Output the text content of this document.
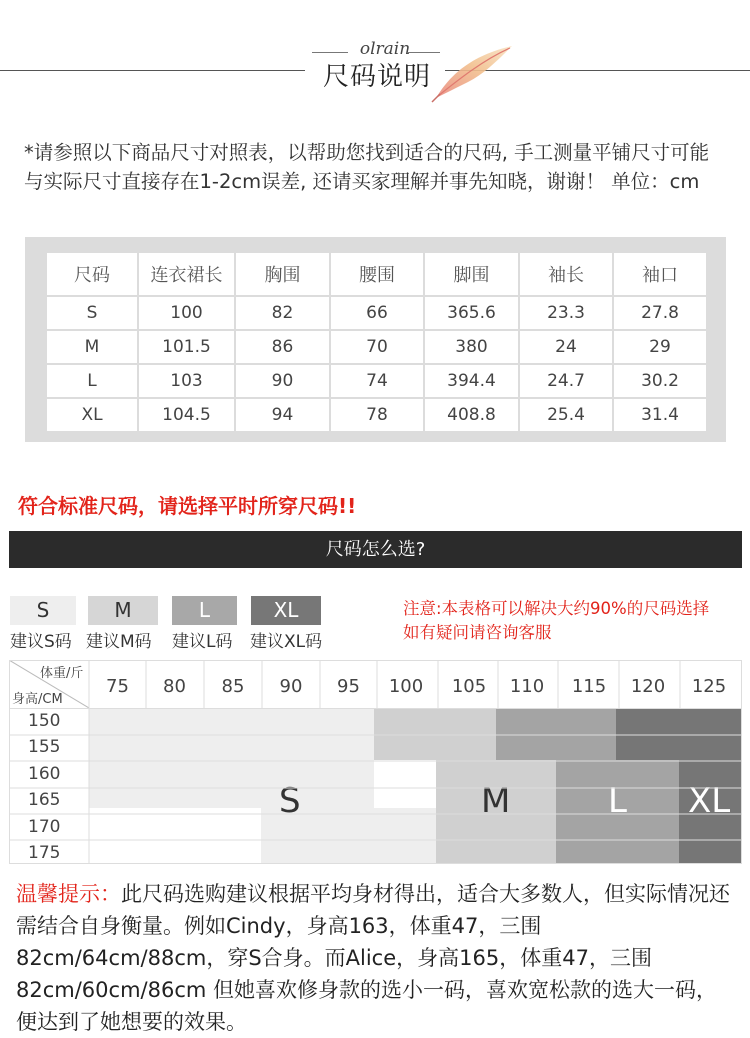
olrain
尺码说明
*请参照以下商品尺寸对照表，以帮助您找到适合的尺码, 手工测量平铺尺寸可能与实际尺寸直接存在1-2cm误差, 还请买家理解并事先知晓，谢谢！ 单位：cm
尺码	连衣裙长	胸围	腰围	脚围	袖长	袖口
S	100	82	66	365.6	23.3	27.8
M	101.5	86	70	380	24	29
L	103	90	74	394.4	24.7	30.2
XL	104.5	94	78	408.8	25.4	31.4
符合标准尺码，请选择平时所穿尺码!!
尺码怎么选?
S	M	L	XL
建议S码 建议M码 建议L码 建议XL码
注意:本表格可以解决大约90%的尺码选择
如有疑问请咨询客服
S	M	L XL
体重/斤
身高/CM
75	80	85	90	95	100	105	110	115	120	125
150
155
160
165
170
175
温馨提示：此尺码选购建议根据平均身材得出，适合大多数人，但实际情况还需结合自身衡量。例如Cindy，身高163，体重47，三围82cm/64cm/88cm，穿S合身。而Alice，身高165，体重47，三围82cm/60cm/86cm 但她喜欢修身款的选小一码，喜欢宽松款的选大一码，便达到了她想要的效果。
